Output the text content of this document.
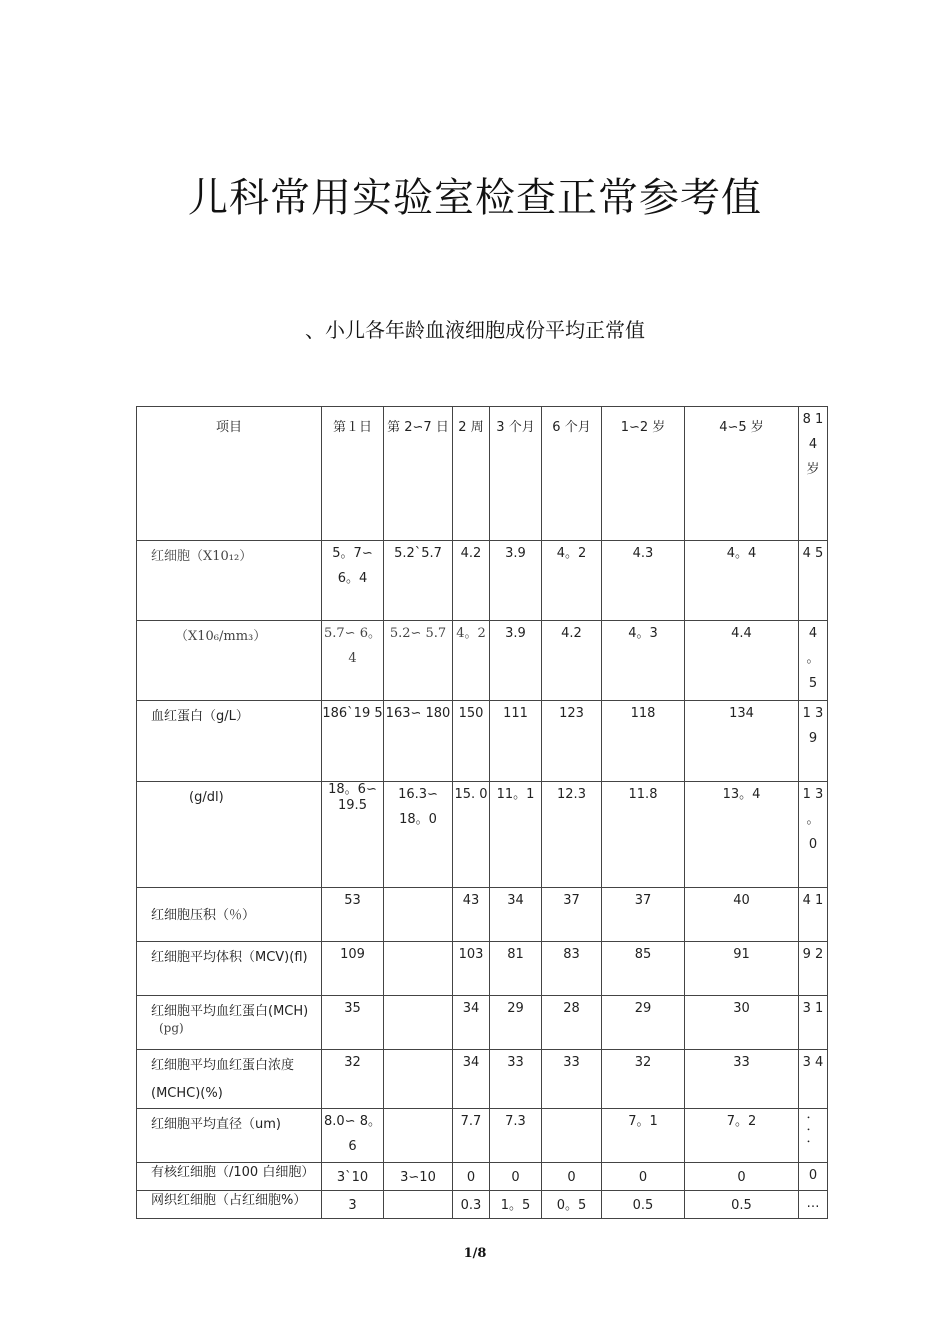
儿科常用实验室检查正常参考值
、小儿各年龄血液细胞成份平均正常值
项目	第１日	第 2∽7 日	2 周	3 个月	6 个月	1∽2 岁	4∽5 岁	8 1 4 岁
红细胞（X10₁₂）	5。7∽ 6。4	5.2`5.7	4.2	3.9	4。2	4.3	4。4	4 5
（X10₆/mm₃）	5.7∽ 6。4	5.2∽ 5.7	4。2	3.9	4.2	4。3	4.4	4 。 5
血红蛋白（g/L）	186`19 5	163∽ 180	150	111	123	118	134	1 3 9
(g/dl)	18。6∽ 19.5	16.3∽ 18。0	15. 0	11。1	12.3	11.8	13。4	1 3 。 0
红细胞压积（％）	53		43	34	37	37	40	4 1
红细胞平均体积（MCV)(fl)	109		103	81	83	85	91	9 2

红细胞平均血红蛋白(MCH)
(pg)	35		34	29	28	29	30	3 1

红细胞平均血红蛋白浓度
(MCHC)(%)	32		34	33	33	32	33	3 4
红细胞平均直径（um)	8.0∽ 8。6		7.7	7.3		7。1	7。2	． ． ．
有核红细胞（/100 白细胞）	3`10	3∽10	0	0	0	0	0	0
网织红细胞（占红细胞%）	3		0.3	1。5	0。5	0.5	0.5	…
1/8
